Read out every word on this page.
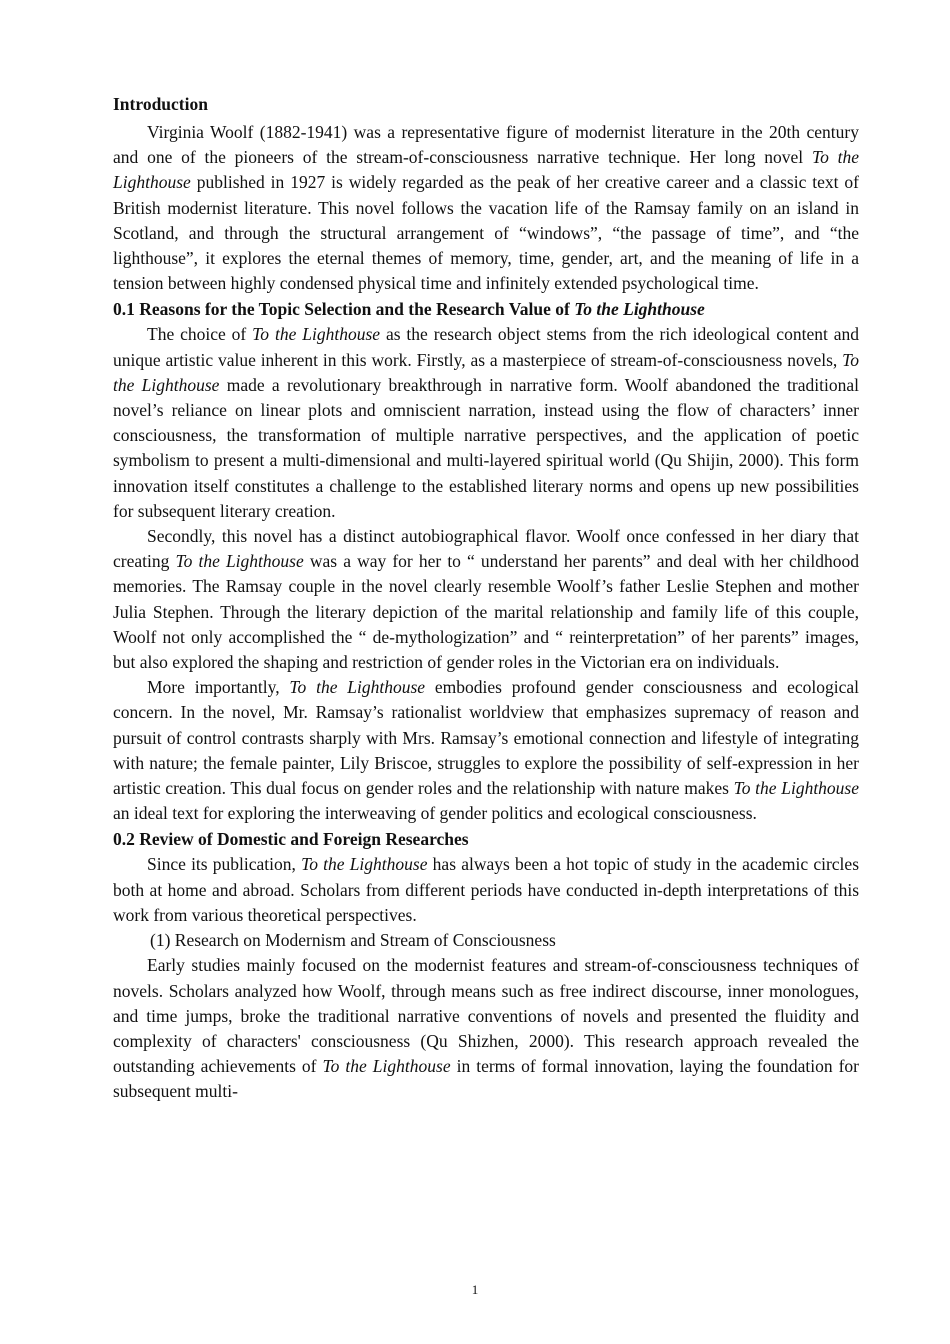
Introduction

Virginia Woolf (1882-1941) was a representative figure of modernist literature in the 20th century and one of the pioneers of the stream-of-consciousness narrative technique. Her long novel To the Lighthouse published in 1927 is widely regarded as the peak of her creative career and a classic text of British modernist literature. This novel follows the vacation life of the Ramsay family on an island in Scotland, and through the structural arrangement of “windows”, “the passage of time”, and “the lighthouse”, it explores the eternal themes of memory, time, gender, art, and the meaning of life in a tension between highly condensed physical time and infinitely extended psychological time.

0.1 Reasons for the Topic Selection and the Research Value of To the Lighthouse

The choice of To the Lighthouse as the research object stems from the rich ideological content and unique artistic value inherent in this work. Firstly, as a masterpiece of stream-of-consciousness novels, To the Lighthouse made a revolutionary breakthrough in narrative form. Woolf abandoned the traditional novel’s reliance on linear plots and omniscient narration, instead using the flow of characters’ inner consciousness, the transformation of multiple narrative perspectives, and the application of poetic symbolism to present a multi-dimensional and multi-layered spiritual world (Qu Shijin, 2000). This form innovation itself constitutes a challenge to the established literary norms and opens up new possibilities for subsequent literary creation.

Secondly, this novel has a distinct autobiographical flavor. Woolf once confessed in her diary that creating To the Lighthouse was a way for her to “ understand her parents” and deal with her childhood memories. The Ramsay couple in the novel clearly resemble Woolf’s father Leslie Stephen and mother Julia Stephen. Through the literary depiction of the marital relationship and family life of this couple, Woolf not only accomplished the “ de-mythologization” and “ reinterpretation” of her parents” images, but also explored the shaping and restriction of gender roles in the Victorian era on individuals.

More importantly, To the Lighthouse embodies profound gender consciousness and ecological concern. In the novel, Mr. Ramsay’s rationalist worldview that emphasizes supremacy of reason and pursuit of control contrasts sharply with Mrs. Ramsay’s emotional connection and lifestyle of integrating with nature; the female painter, Lily Briscoe, struggles to explore the possibility of self-expression in her artistic creation. This dual focus on gender roles and the relationship with nature makes To the Lighthouse an ideal text for exploring the interweaving of gender politics and ecological consciousness.

0.2 Review of Domestic and Foreign Researches

Since its publication, To the Lighthouse has always been a hot topic of study in the academic circles both at home and abroad. Scholars from different periods have conducted in-depth interpretations of this work from various theoretical perspectives.

(1) Research on Modernism and Stream of Consciousness

Early studies mainly focused on the modernist features and stream-of-consciousness techniques of novels. Scholars analyzed how Woolf, through means such as free indirect discourse, inner monologues, and time jumps, broke the traditional narrative conventions of novels and presented the fluidity and complexity of characters' consciousness (Qu Shizhen, 2000). This research approach revealed the outstanding achievements of To the Lighthouse in terms of formal innovation, laying the foundation for subsequent multi-

1
